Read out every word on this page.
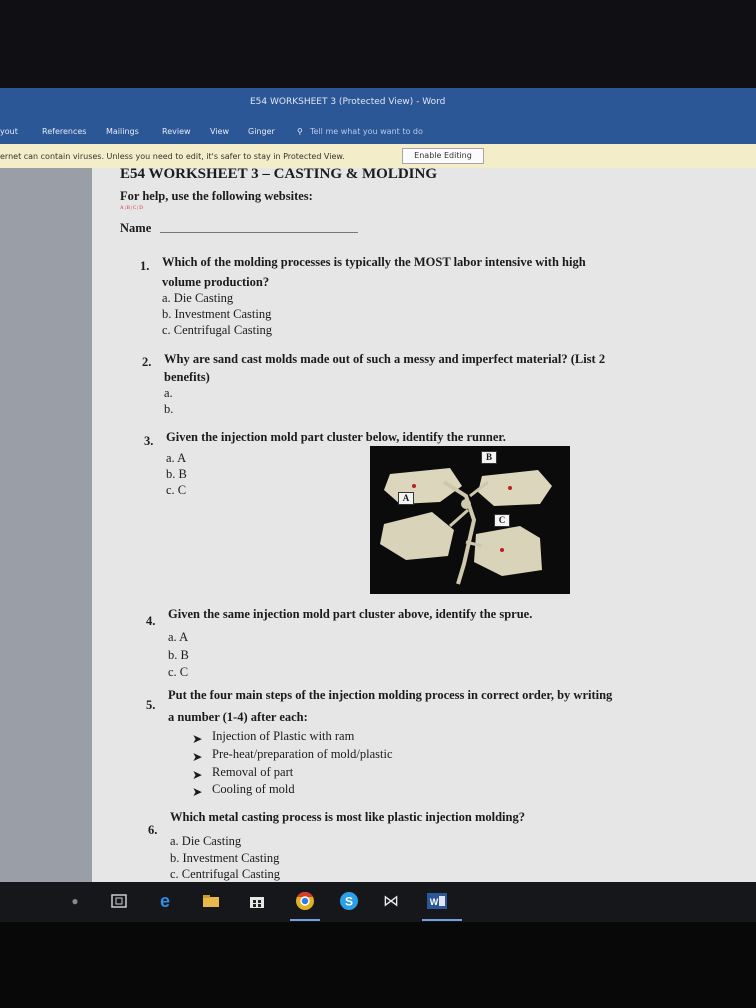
E54 WORKSHEET 3 (Protected View) - Word
yout	References Mailings	Review View Ginger	⚲ Tell me what you want to do
ernet can contain viruses. Unless you need to edit, it's safer to stay in Protected View.	Enable Editing
E54 WORKSHEET 3 – CASTING & MOLDING
For help, use the following websites:
A|B|C|D
Name
1. Which of the molding processes is typically the MOST labor intensive with high
volume production?
a. Die Casting
b. Investment Casting
c. Centrifugal Casting
2. Why are sand cast molds made out of such a messy and imperfect material? (List 2
benefits)
a.
b.
3. Given the injection mold part cluster below, identify the runner.
a. A
b. B
c. C
B
A
C
4. Given the same injection mold part cluster above, identify the sprue.
a. A
b. B
c. C
5.
Put the four main steps of the injection molding process in correct order, by writing
a number (1-4) after each:
➤ Injection of Plastic with ram
➤ Pre-heat/preparation of mold/plastic
➤ Removal of part
➤ Cooling of mold
6.
Which metal casting process is most like plastic injection molding?
a. Die Casting
b. Investment Casting
c. Centrifugal Casting
●	e	S ⋈	W
